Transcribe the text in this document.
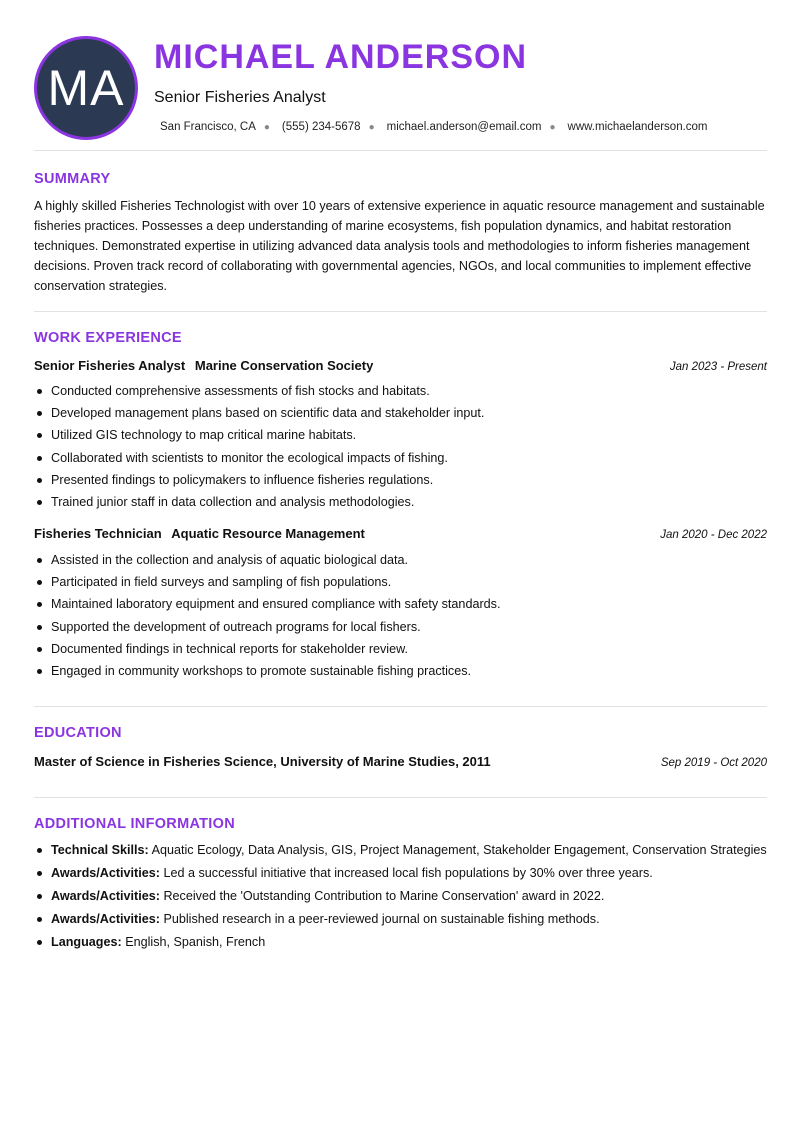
MA
MICHAEL ANDERSON
Senior Fisheries Analyst
San Francisco, CA ● (555) 234-5678 ● michael.anderson@email.com ● www.michaelanderson.com
SUMMARY
A highly skilled Fisheries Technologist with over 10 years of extensive experience in aquatic resource management and sustainable fisheries practices. Possesses a deep understanding of marine ecosystems, fish population dynamics, and habitat restoration techniques. Demonstrated expertise in utilizing advanced data analysis tools and methodologies to inform fisheries management decisions. Proven track record of collaborating with governmental agencies, NGOs, and local communities to implement effective conservation strategies.
WORK EXPERIENCE
Senior Fisheries Analyst Marine Conservation Society	Jan 2023 - Present
Conducted comprehensive assessments of fish stocks and habitats.
Developed management plans based on scientific data and stakeholder input.
Utilized GIS technology to map critical marine habitats.
Collaborated with scientists to monitor the ecological impacts of fishing.
Presented findings to policymakers to influence fisheries regulations.
Trained junior staff in data collection and analysis methodologies.
Fisheries Technician Aquatic Resource Management	Jan 2020 - Dec 2022
Assisted in the collection and analysis of aquatic biological data.
Participated in field surveys and sampling of fish populations.
Maintained laboratory equipment and ensured compliance with safety standards.
Supported the development of outreach programs for local fishers.
Documented findings in technical reports for stakeholder review.
Engaged in community workshops to promote sustainable fishing practices.
EDUCATION
Master of Science in Fisheries Science, University of Marine Studies, 2011	Sep 2019 - Oct 2020
ADDITIONAL INFORMATION
Technical Skills: Aquatic Ecology, Data Analysis, GIS, Project Management, Stakeholder Engagement, Conservation Strategies
Awards/Activities: Led a successful initiative that increased local fish populations by 30% over three years.
Awards/Activities: Received the 'Outstanding Contribution to Marine Conservation' award in 2022.
Awards/Activities: Published research in a peer-reviewed journal on sustainable fishing methods.
Languages: English, Spanish, French
